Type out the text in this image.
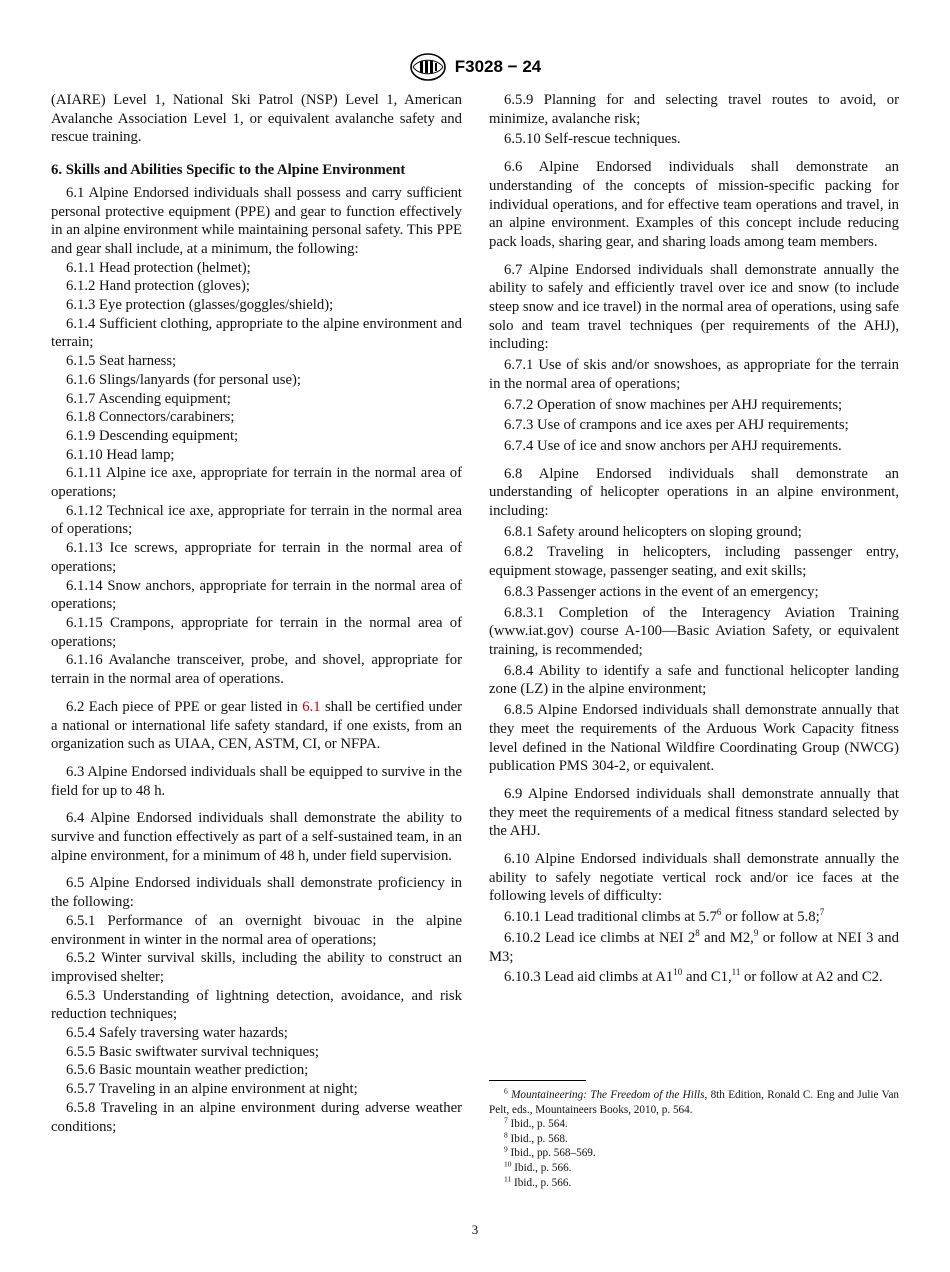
F3028 − 24

(AIARE) Level 1, National Ski Patrol (NSP) Level 1, American Avalanche Association Level 1, or equivalent avalanche safety and rescue training.

6. Skills and Abilities Specific to the Alpine Environment

6.1 Alpine Endorsed individuals shall possess and carry sufficient personal protective equipment (PPE) and gear to function effectively in an alpine environment while maintaining personal safety. This PPE and gear shall include, at a minimum, the following:

6.1.1 Head protection (helmet);

6.1.2 Hand protection (gloves);

6.1.3 Eye protection (glasses/goggles/shield);

6.1.4 Sufficient clothing, appropriate to the alpine environment and terrain;

6.1.5 Seat harness;

6.1.6 Slings/lanyards (for personal use);

6.1.7 Ascending equipment;

6.1.8 Connectors/carabiners;

6.1.9 Descending equipment;

6.1.10 Head lamp;

6.1.11 Alpine ice axe, appropriate for terrain in the normal area of operations;

6.1.12 Technical ice axe, appropriate for terrain in the normal area of operations;

6.1.13 Ice screws, appropriate for terrain in the normal area of operations;

6.1.14 Snow anchors, appropriate for terrain in the normal area of operations;

6.1.15 Crampons, appropriate for terrain in the normal area of operations;

6.1.16 Avalanche transceiver, probe, and shovel, appropriate for terrain in the normal area of operations.

6.2 Each piece of PPE or gear listed in 6.1 shall be certified under a national or international life safety standard, if one exists, from an organization such as UIAA, CEN, ASTM, CI, or NFPA.

6.3 Alpine Endorsed individuals shall be equipped to survive in the field for up to 48 h.

6.4 Alpine Endorsed individuals shall demonstrate the ability to survive and function effectively as part of a self-sustained team, in an alpine environment, for a minimum of 48 h, under field supervision.

6.5 Alpine Endorsed individuals shall demonstrate proficiency in the following:

6.5.1 Performance of an overnight bivouac in the alpine environment in winter in the normal area of operations;

6.5.2 Winter survival skills, including the ability to construct an improvised shelter;

6.5.3 Understanding of lightning detection, avoidance, and risk reduction techniques;

6.5.4 Safely traversing water hazards;

6.5.5 Basic swiftwater survival techniques;

6.5.6 Basic mountain weather prediction;

6.5.7 Traveling in an alpine environment at night;

6.5.8 Traveling in an alpine environment during adverse weather conditions;

6.5.9 Planning for and selecting travel routes to avoid, or minimize, avalanche risk;

6.5.10 Self-rescue techniques.

6.6 Alpine Endorsed individuals shall demonstrate an understanding of the concepts of mission-specific packing for individual operations, and for effective team operations and travel, in an alpine environment. Examples of this concept include reducing pack loads, sharing gear, and sharing loads among team members.

6.7 Alpine Endorsed individuals shall demonstrate annually the ability to safely and efficiently travel over ice and snow (to include steep snow and ice travel) in the normal area of operations, using safe solo and team travel techniques (per requirements of the AHJ), including:

6.7.1 Use of skis and/or snowshoes, as appropriate for the terrain in the normal area of operations;

6.7.2 Operation of snow machines per AHJ requirements;

6.7.3 Use of crampons and ice axes per AHJ requirements;

6.7.4 Use of ice and snow anchors per AHJ requirements.

6.8 Alpine Endorsed individuals shall demonstrate an understanding of helicopter operations in an alpine environment, including:

6.8.1 Safety around helicopters on sloping ground;

6.8.2 Traveling in helicopters, including passenger entry, equipment stowage, passenger seating, and exit skills;

6.8.3 Passenger actions in the event of an emergency;

6.8.3.1 Completion of the Interagency Aviation Training (www.iat.gov) course A-100—Basic Aviation Safety, or equivalent training, is recommended;

6.8.4 Ability to identify a safe and functional helicopter landing zone (LZ) in the alpine environment;

6.8.5 Alpine Endorsed individuals shall demonstrate annually that they meet the requirements of the Arduous Work Capacity fitness level defined in the National Wildfire Coordinating Group (NWCG) publication PMS 304-2, or equivalent.

6.9 Alpine Endorsed individuals shall demonstrate annually that they meet the requirements of a medical fitness standard selected by the AHJ.

6.10 Alpine Endorsed individuals shall demonstrate annually the ability to safely negotiate vertical rock and/or ice faces at the following levels of difficulty:

6.10.1 Lead traditional climbs at $5.7^6$ or follow at 5.8;$^7$

6.10.2 Lead ice climbs at NEI $2^8$ and M2,$^9$ or follow at NEI 3 and M3;

6.10.3 Lead aid climbs at $A1^{10}$ and C1,11 or follow at A2 and C2.

$^6$ Mountaineering: The Freedom of the Hills, 8th Edition, Ronald C. Eng and Julie Van Pelt, eds., Mountaineers Books, 2010, p. 564.

$^7$ Ibid., p. 564.

$^8$ Ibid., p. 568.

$^9$ Ibid., pp. 568–569.

$^{10}$ Ibid., p. 566.

$^{11}$ Ibid., p. 566.

3
